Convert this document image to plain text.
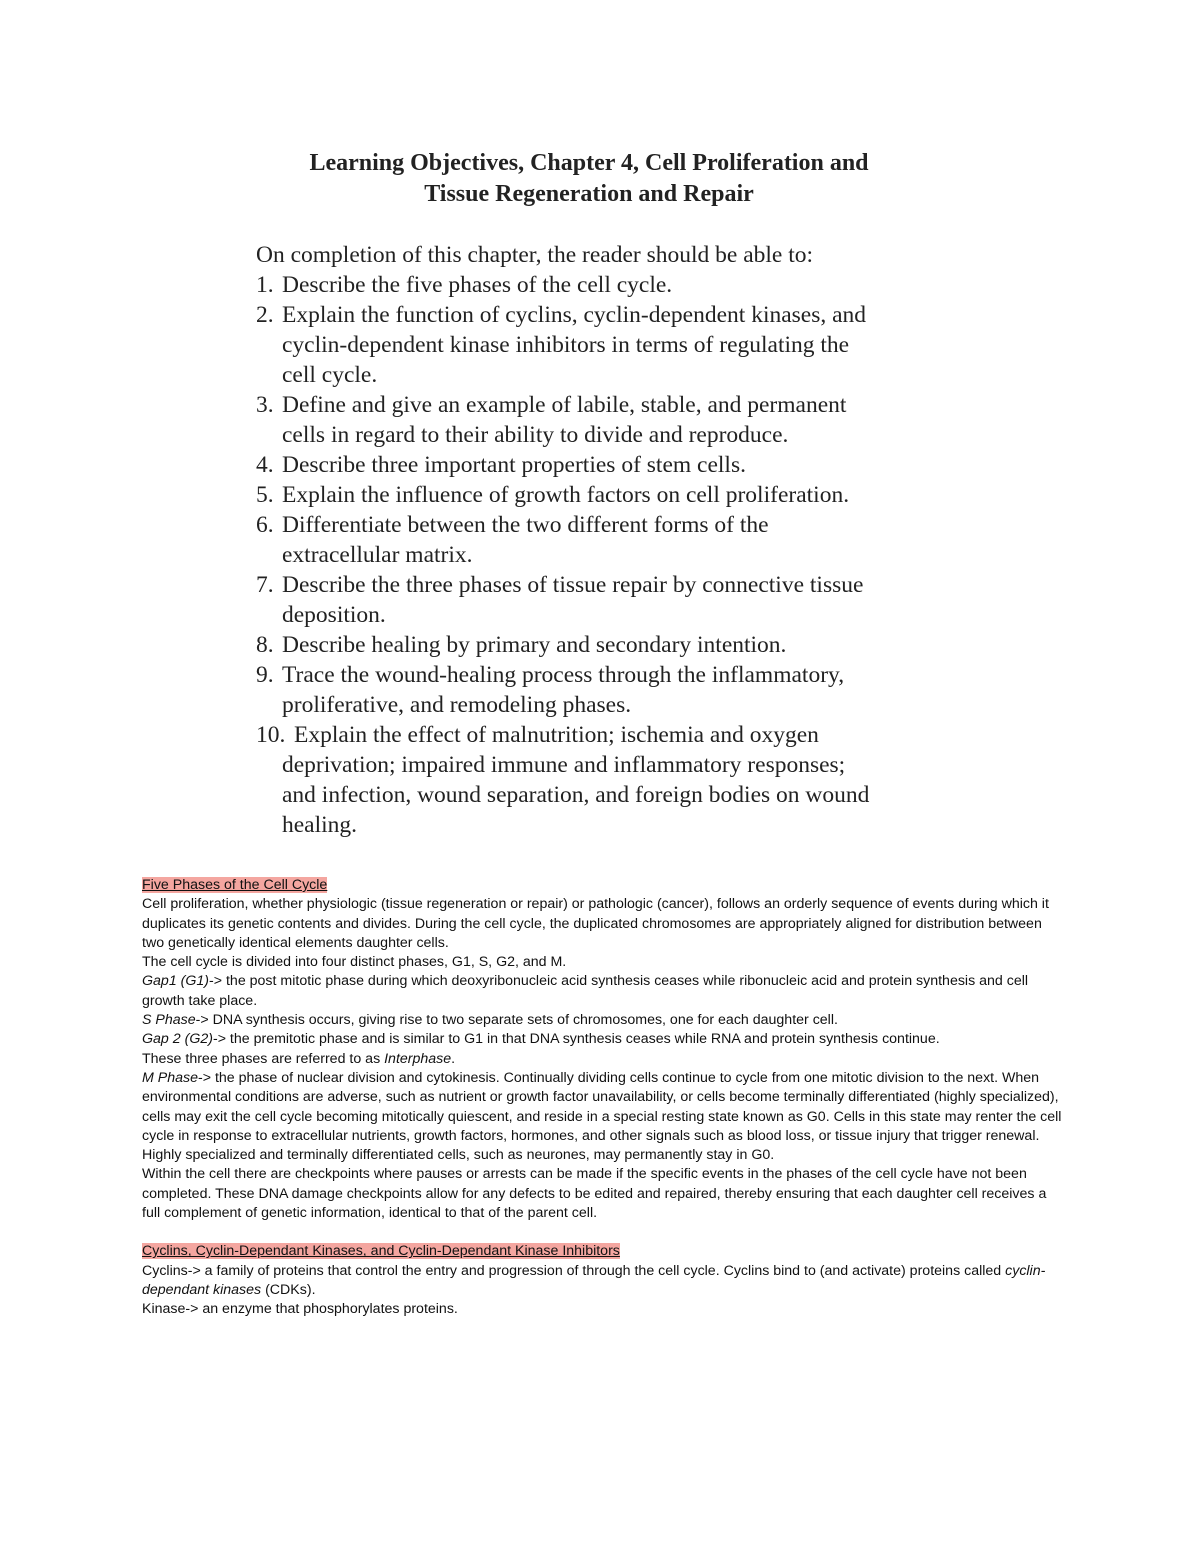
Learning Objectives, Chapter 4, Cell Proliferation and
Tissue Regeneration and Repair
On completion of this chapter, the reader should be able to:
1. Describe the five phases of the cell cycle.
2. Explain the function of cyclins, cyclin-dependent kinases, and
cyclin-dependent kinase inhibitors in terms of regulating the
cell cycle.
3. Define and give an example of labile, stable, and permanent
cells in regard to their ability to divide and reproduce.
4. Describe three important properties of stem cells.
5. Explain the influence of growth factors on cell proliferation.
6. Differentiate between the two different forms of the
extracellular matrix.
7. Describe the three phases of tissue repair by connective tissue
deposition.
8. Describe healing by primary and secondary intention.
9. Trace the wound-healing process through the inflammatory,
proliferative, and remodeling phases.
10. Explain the effect of malnutrition; ischemia and oxygen
deprivation; impaired immune and inflammatory responses;
and infection, wound separation, and foreign bodies on wound
healing.

Five Phases of the Cell Cycle

Cell proliferation, whether physiologic (tissue regeneration or repair) or pathologic (cancer), follows an orderly sequence of events during which it duplicates its genetic contents and divides. During the cell cycle, the duplicated chromosomes are appropriately aligned for distribution between two genetically identical elements daughter cells.

The cell cycle is divided into four distinct phases, G1, S, G2, and M.

Gap1 (G1)-> the post mitotic phase during which deoxyribonucleic acid synthesis ceases while ribonucleic acid and protein synthesis and cell growth take place.

S Phase-> DNA synthesis occurs, giving rise to two separate sets of chromosomes, one for each daughter cell.

Gap 2 (G2)-> the premitotic phase and is similar to G1 in that DNA synthesis ceases while RNA and protein synthesis continue.

These three phases are referred to as Interphase.

M Phase-> the phase of nuclear division and cytokinesis. Continually dividing cells continue to cycle from one mitotic division to the next. When environmental conditions are adverse, such as nutrient or growth factor unavailability, or cells become terminally differentiated (highly specialized), cells may exit the cell cycle becoming mitotically quiescent, and reside in a special resting state known as G0. Cells in this state may renter the cell cycle in response to extracellular nutrients, growth factors, hormones, and other signals such as blood loss, or tissue injury that trigger renewal. Highly specialized and terminally differentiated cells, such as neurones, may permanently stay in G0.

Within the cell there are checkpoints where pauses or arrests can be made if the specific events in the phases of the cell cycle have not been completed. These DNA damage checkpoints allow for any defects to be edited and repaired, thereby ensuring that each daughter cell receives a full complement of genetic information, identical to that of the parent cell.

Cyclins, Cyclin-Dependant Kinases, and Cyclin-Dependant Kinase Inhibitors

Cyclins-> a family of proteins that control the entry and progression of through the cell cycle. Cyclins bind to (and activate) proteins called cyclin-dependant kinases (CDKs).

Kinase-> an enzyme that phosphorylates proteins.
